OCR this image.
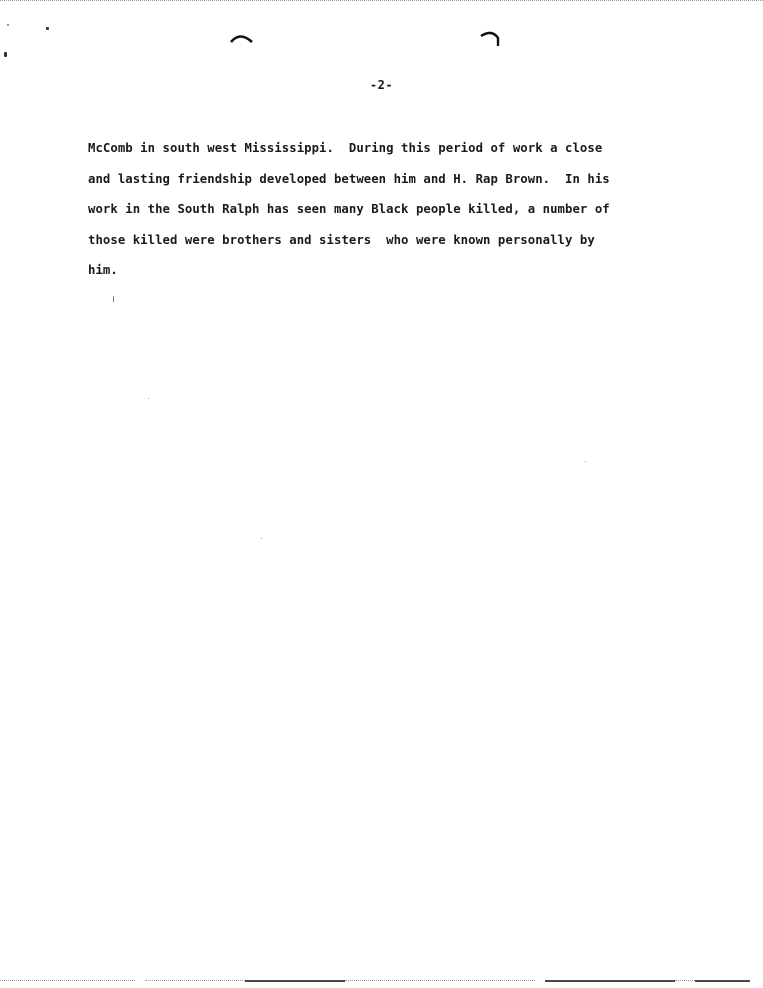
-2-
McComb in south west Mississippi.  During this period of work a close
and lasting friendship developed between him and H. Rap Brown.  In his
work in the South Ralph has seen many Black people killed, a number of
those killed were brothers and sisters  who were known personally by
him.
